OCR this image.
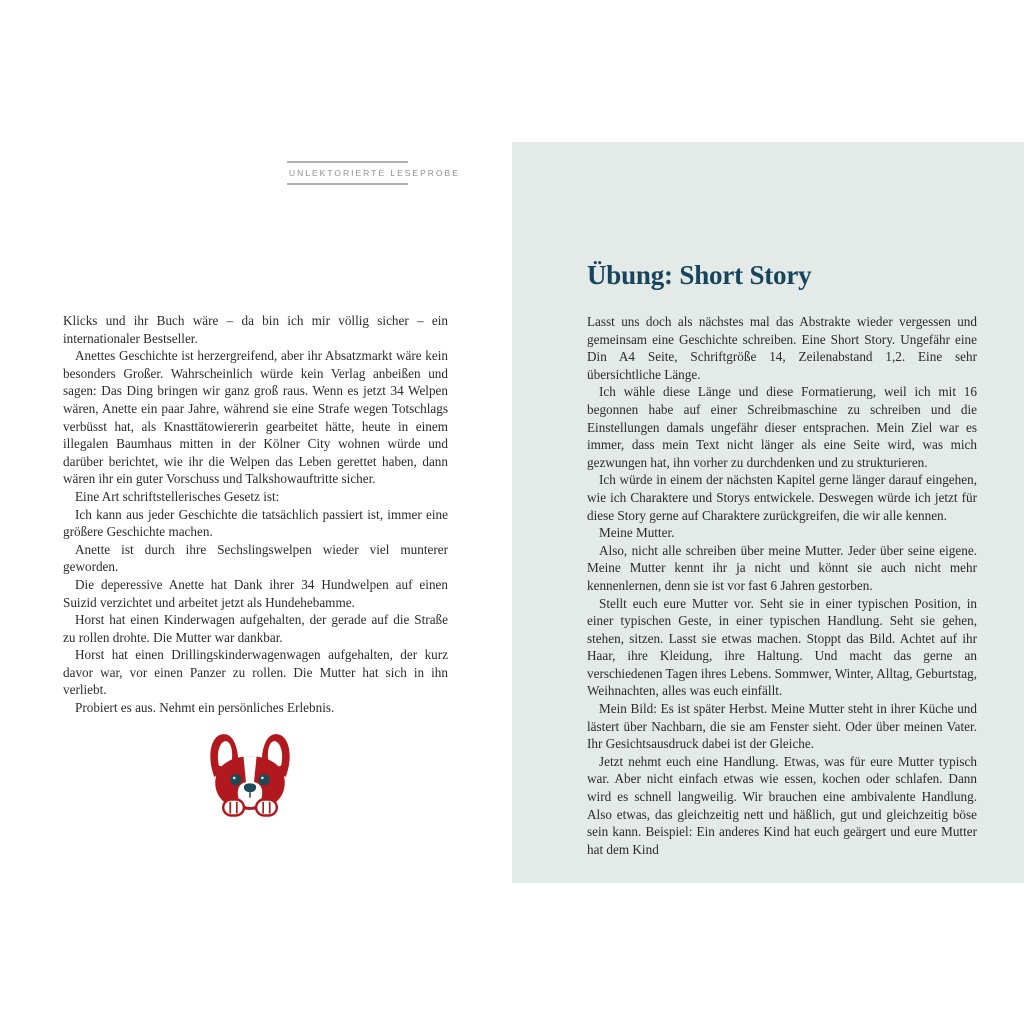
UNLEKTORIERTE LESEPROBE

Klicks und ihr Buch wäre – da bin ich mir völlig sicher – ein internationaler Bestseller.

Anettes Geschichte ist herzergreifend, aber ihr Absatzmarkt wäre kein besonders Großer. Wahrscheinlich würde kein Verlag anbeißen und sagen: Das Ding bringen wir ganz groß raus. Wenn es jetzt 34 Welpen wären, Anette ein paar Jahre, während sie eine Strafe wegen Totschlags verbüsst hat, als Knasttätowiererin gearbeitet hätte, heute in einem illegalen Baumhaus mitten in der Kölner City wohnen würde und darüber berichtet, wie ihr die Welpen das Leben gerettet haben, dann wären ihr ein guter Vorschuss und Talkshowauftritte sicher.

Eine Art schriftstellerisches Gesetz ist:

Ich kann aus jeder Geschichte die tatsächlich passiert ist, immer eine größere Geschichte machen.

Anette ist durch ihre Sechslingswelpen wieder viel munterer geworden.

Die deperessive Anette hat Dank ihrer 34 Hundwelpen auf einen Suizid verzichtet und arbeitet jetzt als Hundehebamme.

Horst hat einen Kinderwagen aufgehalten, der gerade auf die Straße zu rollen drohte. Die Mutter war dankbar.

Horst hat einen Drillingskinderwagenwagen aufgehalten, der kurz davor war, vor einen Panzer zu rollen. Die Mutter hat sich in ihn verliebt.

Probiert es aus. Nehmt ein persönliches Erlebnis.

Übung: Short Story

Lasst uns doch als nächstes mal das Abstrakte wieder vergessen und gemeinsam eine Geschichte schreiben. Eine Short Story. Ungefähr eine Din A4 Seite, Schriftgröße 14, Zeilenabstand 1,2. Eine sehr übersichtliche Länge.

Ich wähle diese Länge und diese Formatierung, weil ich mit 16 begonnen habe auf einer Schreibmaschine zu schreiben und die Einstellungen damals ungefähr dieser entsprachen. Mein Ziel war es immer, dass mein Text nicht länger als eine Seite wird, was mich gezwungen hat, ihn vorher zu durchdenken und zu strukturieren.

Ich würde in einem der nächsten Kapitel gerne länger darauf eingehen, wie ich Charaktere und Storys entwickele. Deswegen würde ich jetzt für diese Story gerne auf Charaktere zurückgreifen, die wir alle kennen.

Meine Mutter.

Also, nicht alle schreiben über meine Mutter. Jeder über seine eigene. Meine Mutter kennt ihr ja nicht und könnt sie auch nicht mehr kennenlernen, denn sie ist vor fast 6 Jahren gestorben.

Stellt euch eure Mutter vor. Seht sie in einer typischen Position, in einer typischen Geste, in einer typischen Handlung. Seht sie gehen, stehen, sitzen. Lasst sie etwas machen. Stoppt das Bild. Achtet auf ihr Haar, ihre Kleidung, ihre Haltung. Und macht das gerne an verschiedenen Tagen ihres Lebens. Sommwer, Winter, Alltag, Geburtstag, Weihnachten, alles was euch einfällt.

Mein Bild: Es ist später Herbst. Meine Mutter steht in ihrer Küche und lästert über Nachbarn, die sie am Fenster sieht. Oder über meinen Vater. Ihr Gesichtsausdruck dabei ist der Gleiche.

Jetzt nehmt euch eine Handlung. Etwas, was für eure Mutter typisch war. Aber nicht einfach etwas wie essen, kochen oder schlafen. Dann wird es schnell langweilig. Wir brauchen eine ambivalente Handlung. Also etwas, das gleichzeitig nett und häßlich, gut und gleichzeitig böse sein kann. Beispiel: Ein anderes Kind hat euch geärgert und eure Mutter hat dem Kind
